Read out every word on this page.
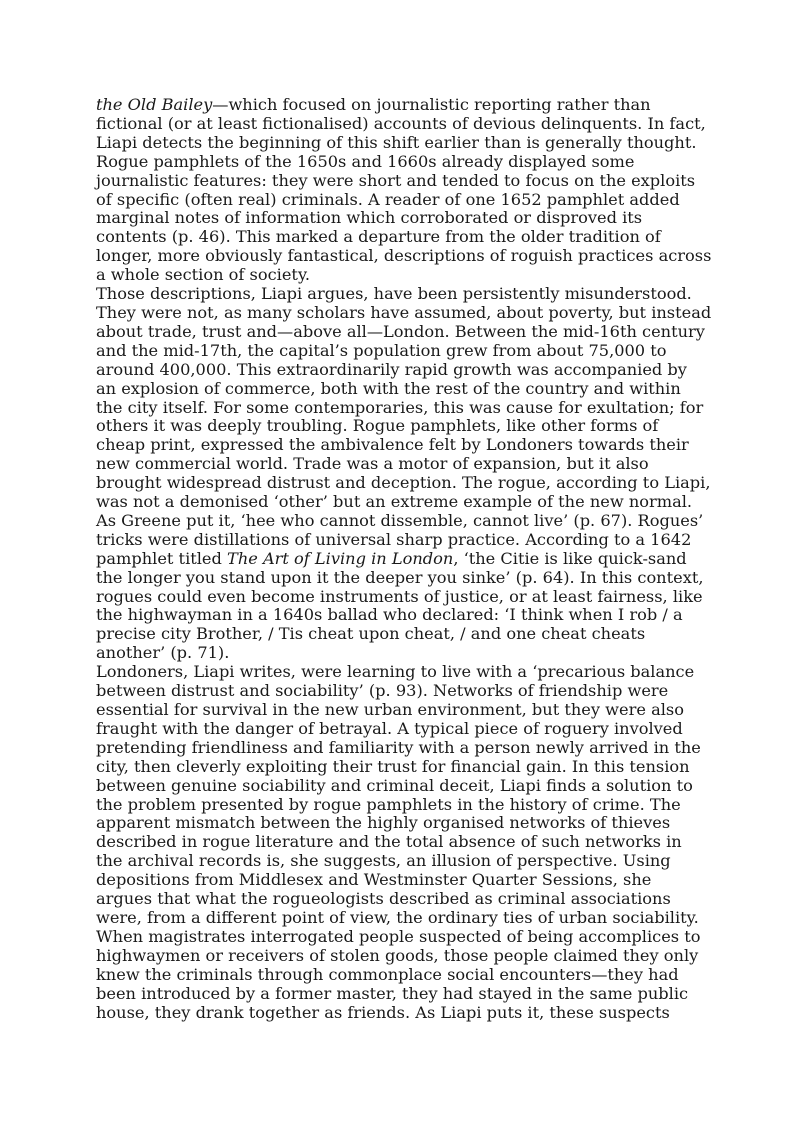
the Old Bailey—which focused on journalistic reporting rather than fictional (or at least fictionalised) accounts of devious delinquents. In fact, Liapi detects the beginning of this shift earlier than is generally thought. Rogue pamphlets of the 1650s and 1660s already displayed some journalistic features: they were short and tended to focus on the exploits of specific (often real) criminals. A reader of one 1652 pamphlet added marginal notes of information which corroborated or disproved its contents (p. 46). This marked a departure from the older tradition of longer, more obviously fantastical, descriptions of roguish practices across a whole section of society.

Those descriptions, Liapi argues, have been persistently misunderstood. They were not, as many scholars have assumed, about poverty, but instead about trade, trust and—above all—London. Between the mid-16th century and the mid-17th, the capital’s population grew from about 75,000 to around 400,000. This extraordinarily rapid growth was accompanied by an explosion of commerce, both with the rest of the country and within the city itself. For some contemporaries, this was cause for exultation; for others it was deeply troubling. Rogue pamphlets, like other forms of cheap print, expressed the ambivalence felt by Londoners towards their new commercial world. Trade was a motor of expansion, but it also brought widespread distrust and deception. The rogue, according to Liapi, was not a demonised ‘other’ but an extreme example of the new normal. As Greene put it, ‘hee who cannot dissemble, cannot live’ (p. 67). Rogues’ tricks were distillations of universal sharp practice. According to a 1642 pamphlet titled The Art of Living in London, ‘the Citie is like quick-sand the longer you stand upon it the deeper you sinke’ (p. 64). In this context, rogues could even become instruments of justice, or at least fairness, like the highwayman in a 1640s ballad who declared: ‘I think when I rob / a precise city Brother, / Tis cheat upon cheat, / and one cheat cheats another’ (p. 71).

Londoners, Liapi writes, were learning to live with a ‘precarious balance between distrust and sociability’ (p. 93). Networks of friendship were essential for survival in the new urban environment, but they were also fraught with the danger of betrayal. A typical piece of roguery involved pretending friendliness and familiarity with a person newly arrived in the city, then cleverly exploiting their trust for financial gain. In this tension between genuine sociability and criminal deceit, Liapi finds a solution to the problem presented by rogue pamphlets in the history of crime. The apparent mismatch between the highly organised networks of thieves described in rogue literature and the total absence of such networks in the archival records is, she suggests, an illusion of perspective. Using depositions from Middlesex and Westminster Quarter Sessions, she argues that what the rogueologists described as criminal associations were, from a different point of view, the ordinary ties of urban sociability. When magistrates interrogated people suspected of being accomplices to highwaymen or receivers of stolen goods, those people claimed they only knew the criminals through commonplace social encounters—they had been introduced by a former master, they had stayed in the same public house, they drank together as friends. As Liapi puts it, these suspects
